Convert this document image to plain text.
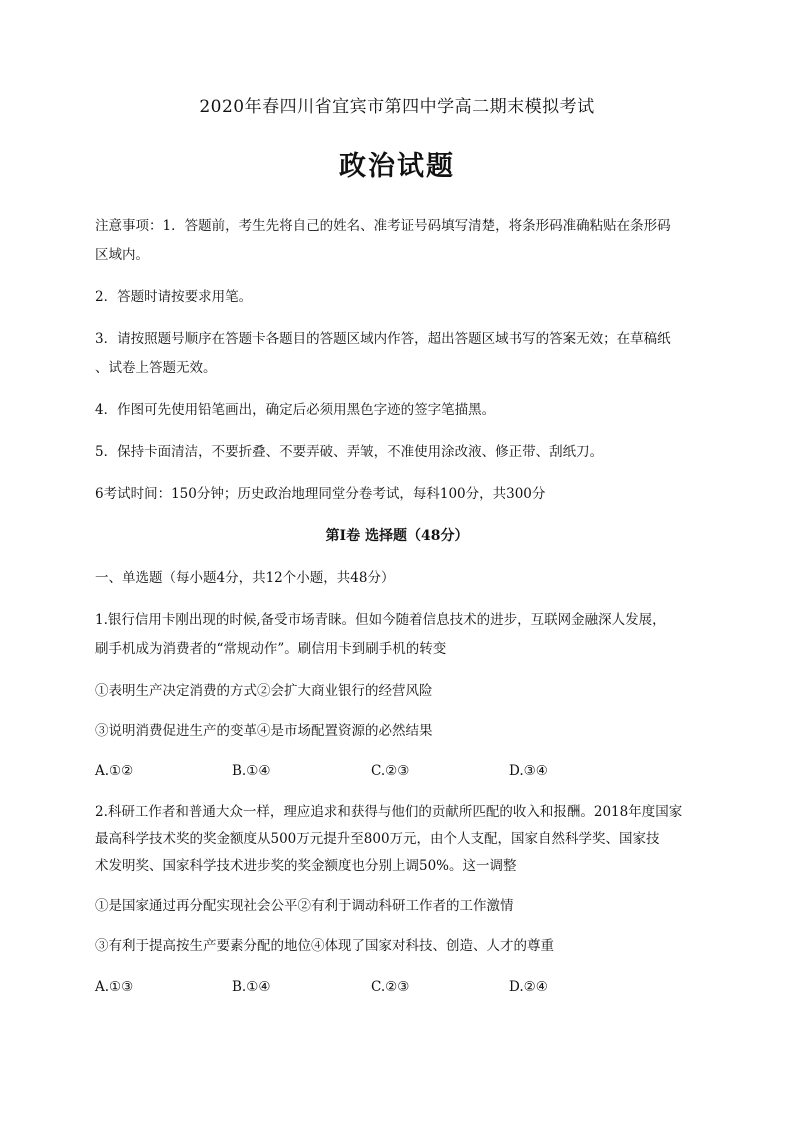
2020年春四川省宜宾市第四中学高二期末模拟考试
政治试题
注意事项：1．答题前，考生先将自己的姓名、准考证号码填写清楚，将条形码准确粘贴在条形码
区域内。
2．答题时请按要求用笔。
3．请按照题号顺序在答题卡各题目的答题区域内作答，超出答题区域书写的答案无效；在草稿纸
、试卷上答题无效。
4．作图可先使用铅笔画出，确定后必须用黑色字迹的签字笔描黑。
5．保持卡面清洁，不要折叠、不要弄破、弄皱，不准使用涂改液、修正带、刮纸刀。
6考试时间：150分钟；历史政治地理同堂分卷考试，每科100分，共300分
第I卷 选择题（48分）
一、单选题（每小题4分，共12个小题，共48分）
1.银行信用卡刚出现的时候,备受市场青睐。但如今随着信息技术的进步，互联网金融深人发展，
刷手机成为消费者的“常规动作”。刷信用卡到刷手机的转变
①表明生产决定消费的方式②会扩大商业银行的经营风险
③说明消费促进生产的变革④是市场配置资源的必然结果
A.①②	B.①④	C.②③	D.③④
2.科研工作者和普通大众一样，理应追求和获得与他们的贡献所匹配的收入和报酬。2018年度国家
最高科学技术奖的奖金额度从500万元提升至800万元，由个人支配，国家自然科学奖、国家技
术发明奖、国家科学技术进步奖的奖金额度也分别上调50%。这一调整
①是国家通过再分配实现社会公平②有利于调动科研工作者的工作激情
③有利于提高按生产要素分配的地位④体现了国家对科技、创造、人才的尊重
A.①③	B.①④	C.②③	D.②④
